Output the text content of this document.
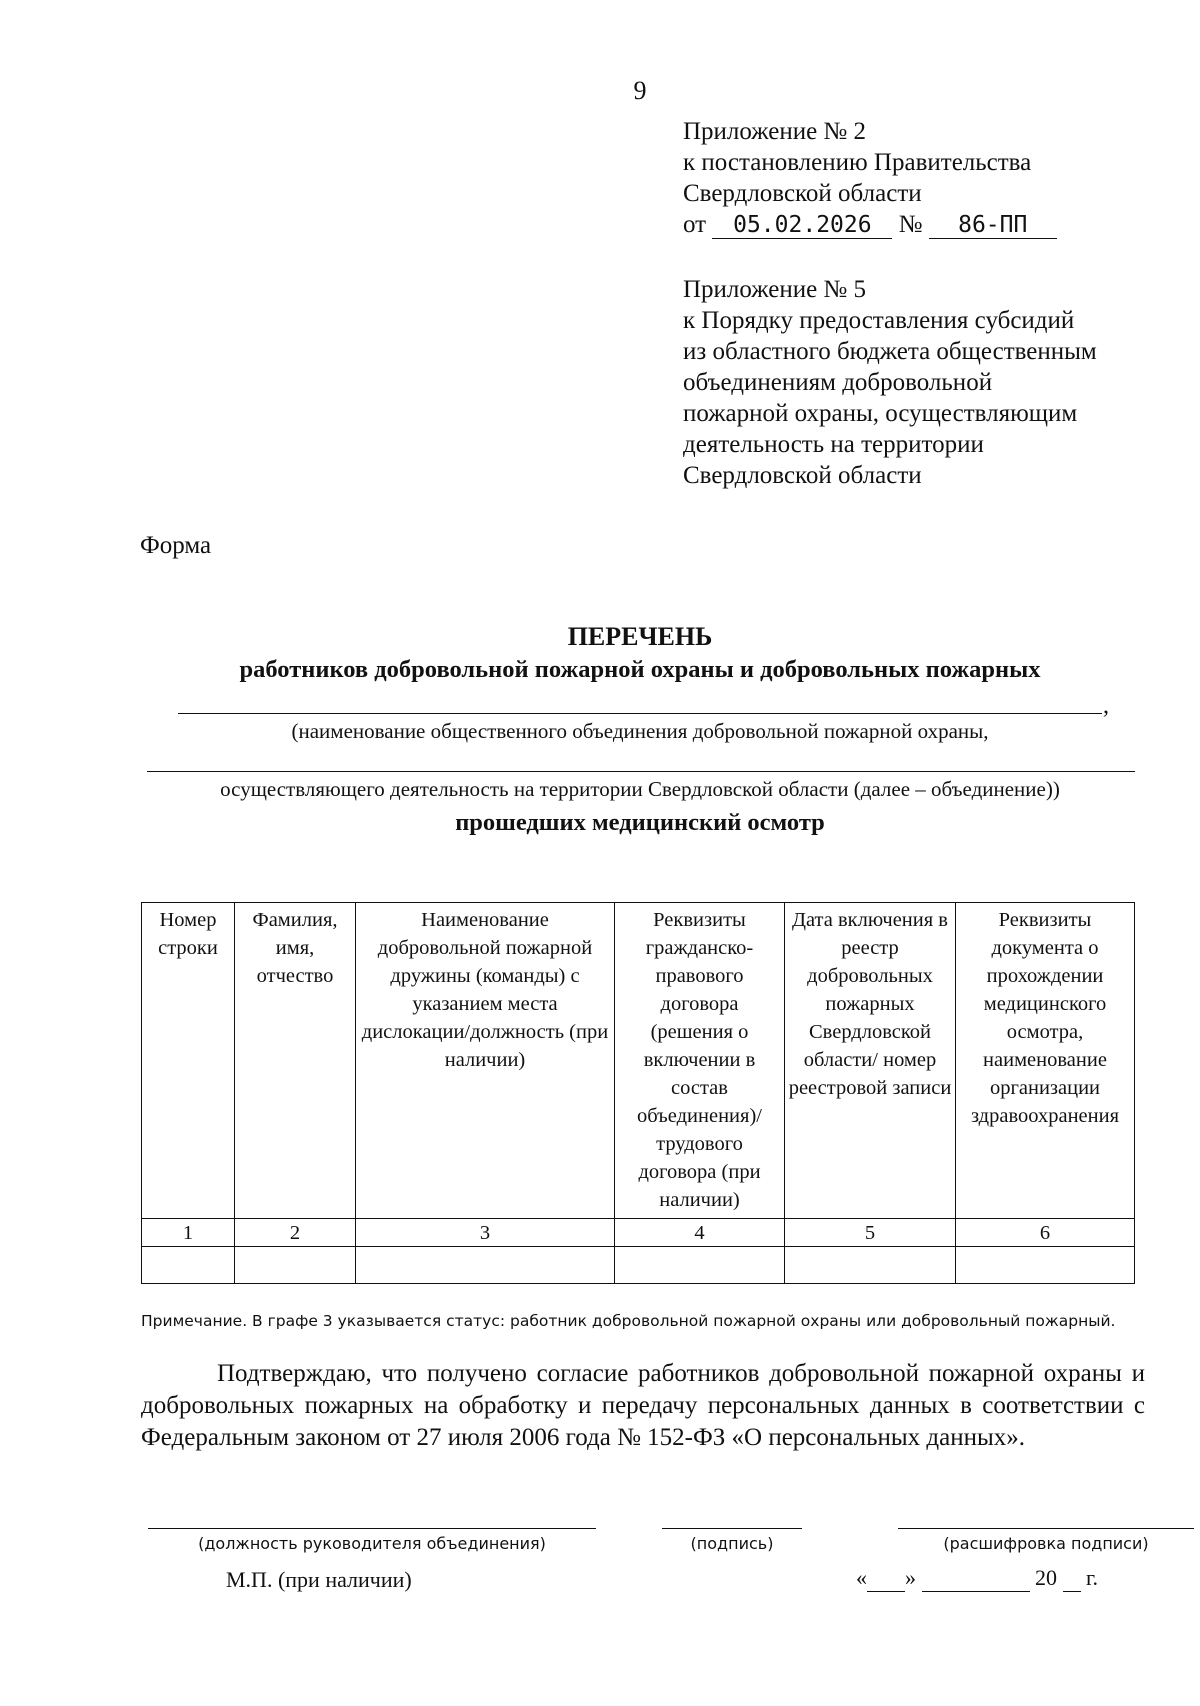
9
Приложение № 2
к постановлению Правительства
Свердловской области
от 05.02.2026 № 86-ПП
Приложение № 5
к Порядку предоставления субсидий
из областного бюджета общественным
объединениям добровольной
пожарной охраны, осуществляющим
деятельность на территории
Свердловской области
Форма
ПЕРЕЧЕНЬ
работников добровольной пожарной охраны и добровольных пожарных
,
(наименование общественного объединения добровольной пожарной охраны,
осуществляющего деятельность на территории Свердловской области (далее – объединение))
прошедших медицинский осмотр
Номер строки	Фамилия, имя, отчество	Наименование добровольной пожарной дружины (команды) с указанием места дислокации/должность (при наличии)	Реквизиты гражданско-правового договора (решения о включении в состав объединения)/ трудового договора (при наличии)	Дата включения в реестр добровольных пожарных Свердловской области/ номер реестровой записи	Реквизиты документа о прохождении медицинского осмотра, наименование организации здравоохранения
1	2	3	4	5	6

Примечание. В графе 3 указывается статус: работник добровольной пожарной охраны или добровольный пожарный.
Подтверждаю, что получено согласие работников добровольной пожарной охраны и добровольных пожарных на обработку и передачу персональных данных в соответствии с Федеральным законом от 27 июля 2006 года № 152-ФЗ «О персональных данных».
(должность руководителя объединения)	(подпись)	(расшифровка подписи)
М.П. (при наличии)	« »	20 г.
